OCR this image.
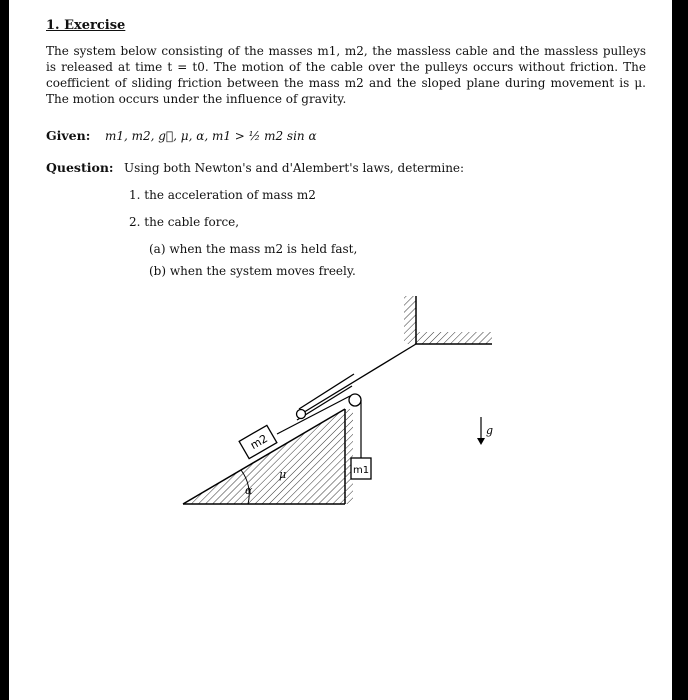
1. Exercise
The system below consisting of the masses m1, m2, the massless cable and the massless pulleys is released at time t = t0. The motion of the cable over the pulleys occurs without friction. The coefficient of sliding friction between the mass m2 and the sloped plane during movement is μ. The motion occurs under the influence of gravity.
Given: m1, m2, g⃗, μ, α, m1 > ½ m2 sin α
Question: Using both Newton's and d'Alembert's laws, determine:
1. the acceleration of mass m2
2. the cable force,
(a) when the mass m2 is held fast,
(b) when the system moves freely.
α
μ
m2
m1
g
